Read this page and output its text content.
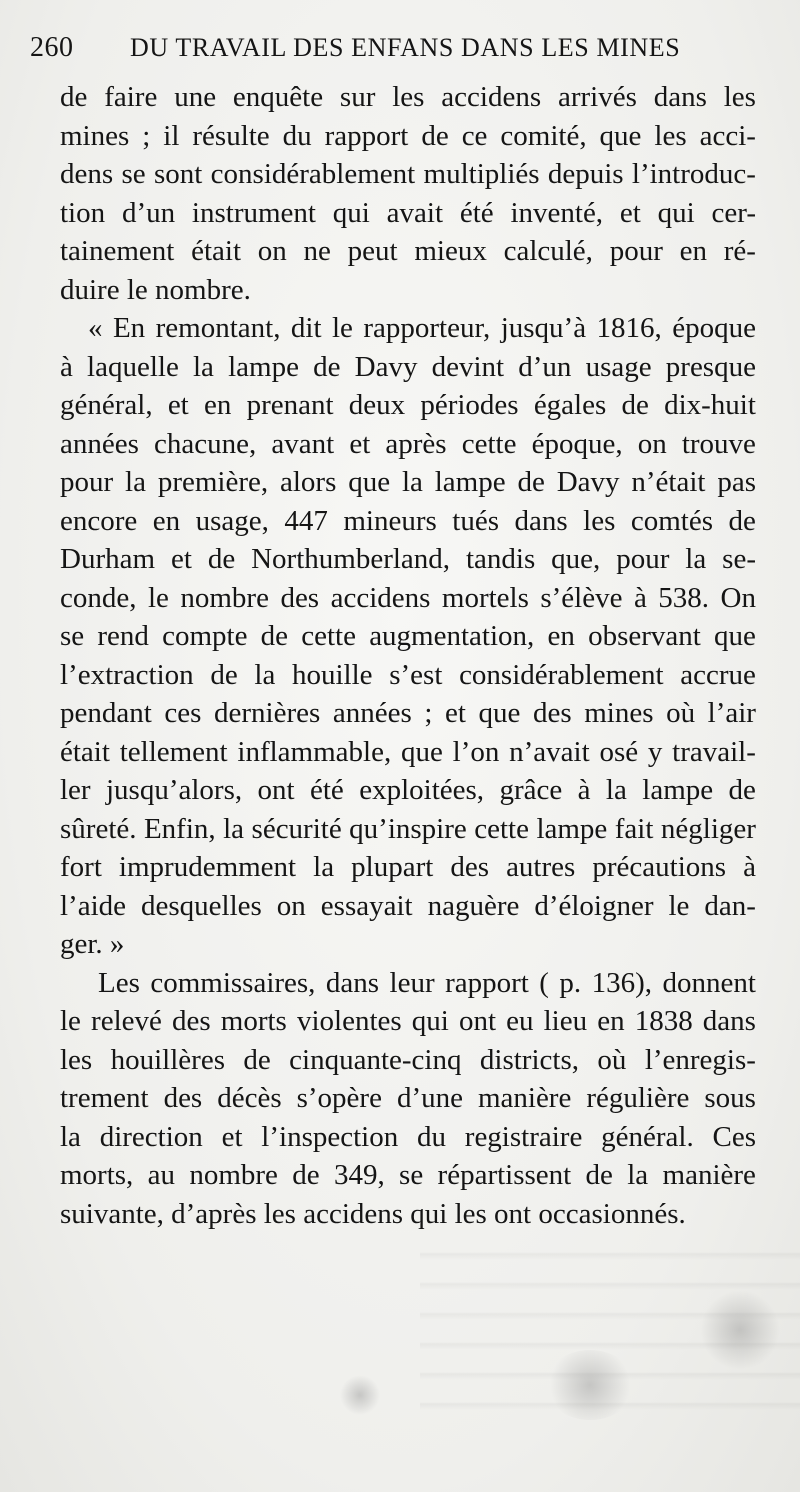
260	DU TRAVAIL DES ENFANS DANS LES MINES
de faire une enquête sur les accidens arrivés dans les
mines ; il résulte du rapport de ce comité, que les acci-
dens se sont considérablement multipliés depuis l’introduc-
tion d’un instrument qui avait été inventé, et qui cer-
tainement était on ne peut mieux calculé, pour en ré-
duire le nombre.
« En remontant, dit le rapporteur, jusqu’à 1816, époque
à laquelle la lampe de Davy devint d’un usage presque
général, et en prenant deux périodes égales de dix-huit
années chacune, avant et après cette époque, on trouve
pour la première, alors que la lampe de Davy n’était pas
encore en usage, 447 mineurs tués dans les comtés de
Durham et de Northumberland, tandis que, pour la se-
conde, le nombre des accidens mortels s’élève à 538. On
se rend compte de cette augmentation, en observant que
l’extraction de la houille s’est considérablement accrue
pendant ces dernières années ; et que des mines où l’air
était tellement inflammable, que l’on n’avait osé y travail-
ler jusqu’alors, ont été exploitées, grâce à la lampe de
sûreté. Enfin, la sécurité qu’inspire cette lampe fait négliger
fort imprudemment la plupart des autres précautions à
l’aide desquelles on essayait naguère d’éloigner le dan-
ger. »
Les commissaires, dans leur rapport ( p. 136), donnent
le relevé des morts violentes qui ont eu lieu en 1838 dans
les houillères de cinquante-cinq districts, où l’enregis-
trement des décès s’opère d’une manière régulière sous
la direction et l’inspection du registraire général. Ces
morts, au nombre de 349, se répartissent de la manière
suivante, d’après les accidens qui les ont occasionnés.
